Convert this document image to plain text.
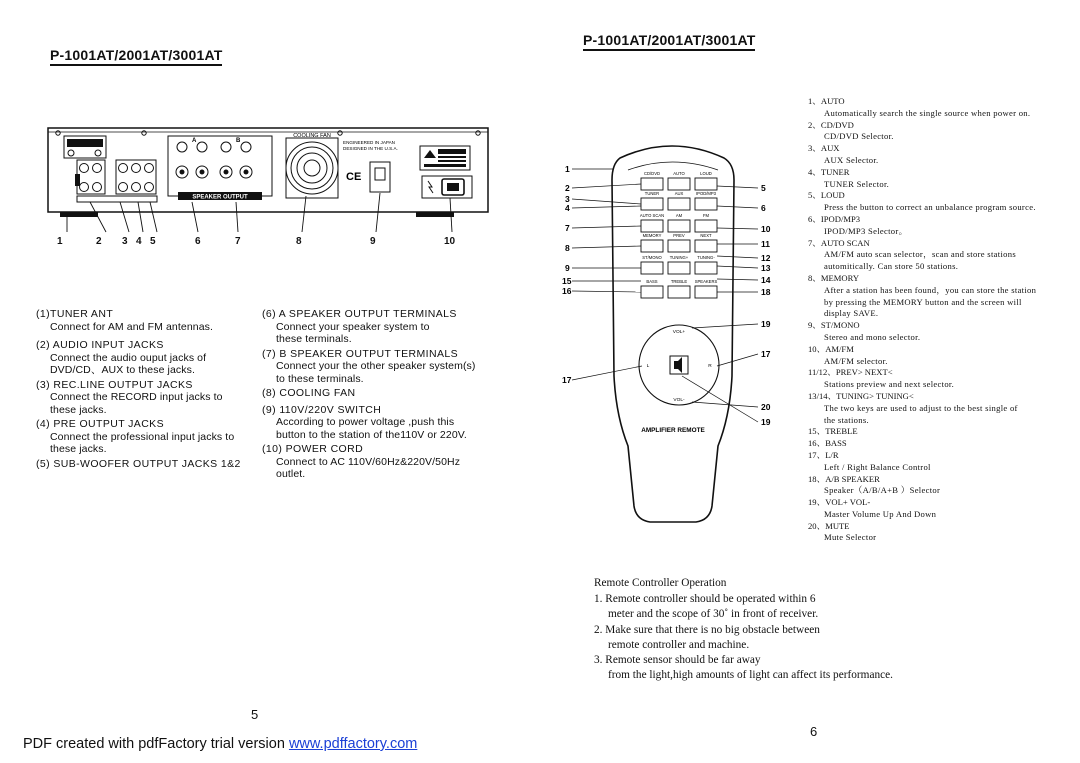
P-1001AT/2001AT/3001AT
P-1001AT/2001AT/3001AT
SPEAKER OUTPUT
A	B
COOLING FAN
ENGINEERED IN JAPAN
DESIGNED IN THE U.S.A.
CE
1	2 3 4 5	6	7	8	9	10
(1)TUNER ANT
Connect for AM and FM antennas.
(2) AUDIO INPUT JACKS
Connect the audio ouput jacks of DVD/CD、AUX to these jacks.
(3) REC.LINE OUTPUT JACKS
Connect the RECORD input jacks to these jacks.
(4) PRE OUTPUT JACKS
Connect the professional input jacks to these jacks.
(5) SUB-WOOFER OUTPUT JACKS 1&2
(6) A SPEAKER OUTPUT TERMINALS
Connect your speaker system to these terminals.
(7) B SPEAKER OUTPUT TERMINALS
Connect your the other speaker system(s) to these terminals.
(8) COOLING FAN
(9) 110V/220V SWITCH
According to power voltage ,push this button to the station of the110V or 220V.
(10) POWER CORD
Connect to AC 110V/60Hz&220V/50Hz outlet.
CD/DVD	AUTO	LOUD
TUNER	AUX	IPOD/MP3
AUTO SCAN	AM	FM
MEMORY	PREV	NEXT
ST/MONO TUNING+ TUNING-
BASS	TREBLE SPEAKERS
VOL+
VOL-
L	R
AMPLIFIER REMOTE
1
2
3
4
7
8
9
15
16
17
5
6
10
11
12
13
14
18
19
17
20
19
1、AUTO
Automatically search the single source when power on.
2、CD/DVD
CD/DVD Selector.
3、AUX
AUX Selector.
4、TUNER
TUNER Selector.
5、LOUD
Press the button to correct an unbalance program source.
6、IPOD/MP3
IPOD/MP3 Selector。
7、AUTO SCAN
AM/FM auto scan selector，scan and store stations
automitically. Can store 50 stations.
8、MEMORY
After a station has been found，you can store the station
by pressing the MEMORY button and the screen will
display SAVE.
9、ST/MONO
Stereo and mono selector.
10、AM/FM
AM/FM selector.
11/12、PREV> NEXT<
Stations preview and next selector.
13/14、TUNING> TUNING<
The two keys are used to adjust to the best single of
the stations.
15、TREBLE
16、BASS
17、L/R
Left / Right Balance Control
18、A/B SPEAKER
Speaker（A/B/A+B ）Selector
19、VOL+ VOL-
Master Volume Up And Down
20、MUTE
Mute Selector
Remote Controller Operation
1. Remote controller should be operated within 6
meter and the scope of 30˚ in front of receiver.
2. Make sure that there is no big obstacle between
remote controller and machine.
3. Remote sensor should be far away
from the light,high amounts of light can affect its performance.
5
6
PDF created with pdfFactory trial version www.pdffactory.com
